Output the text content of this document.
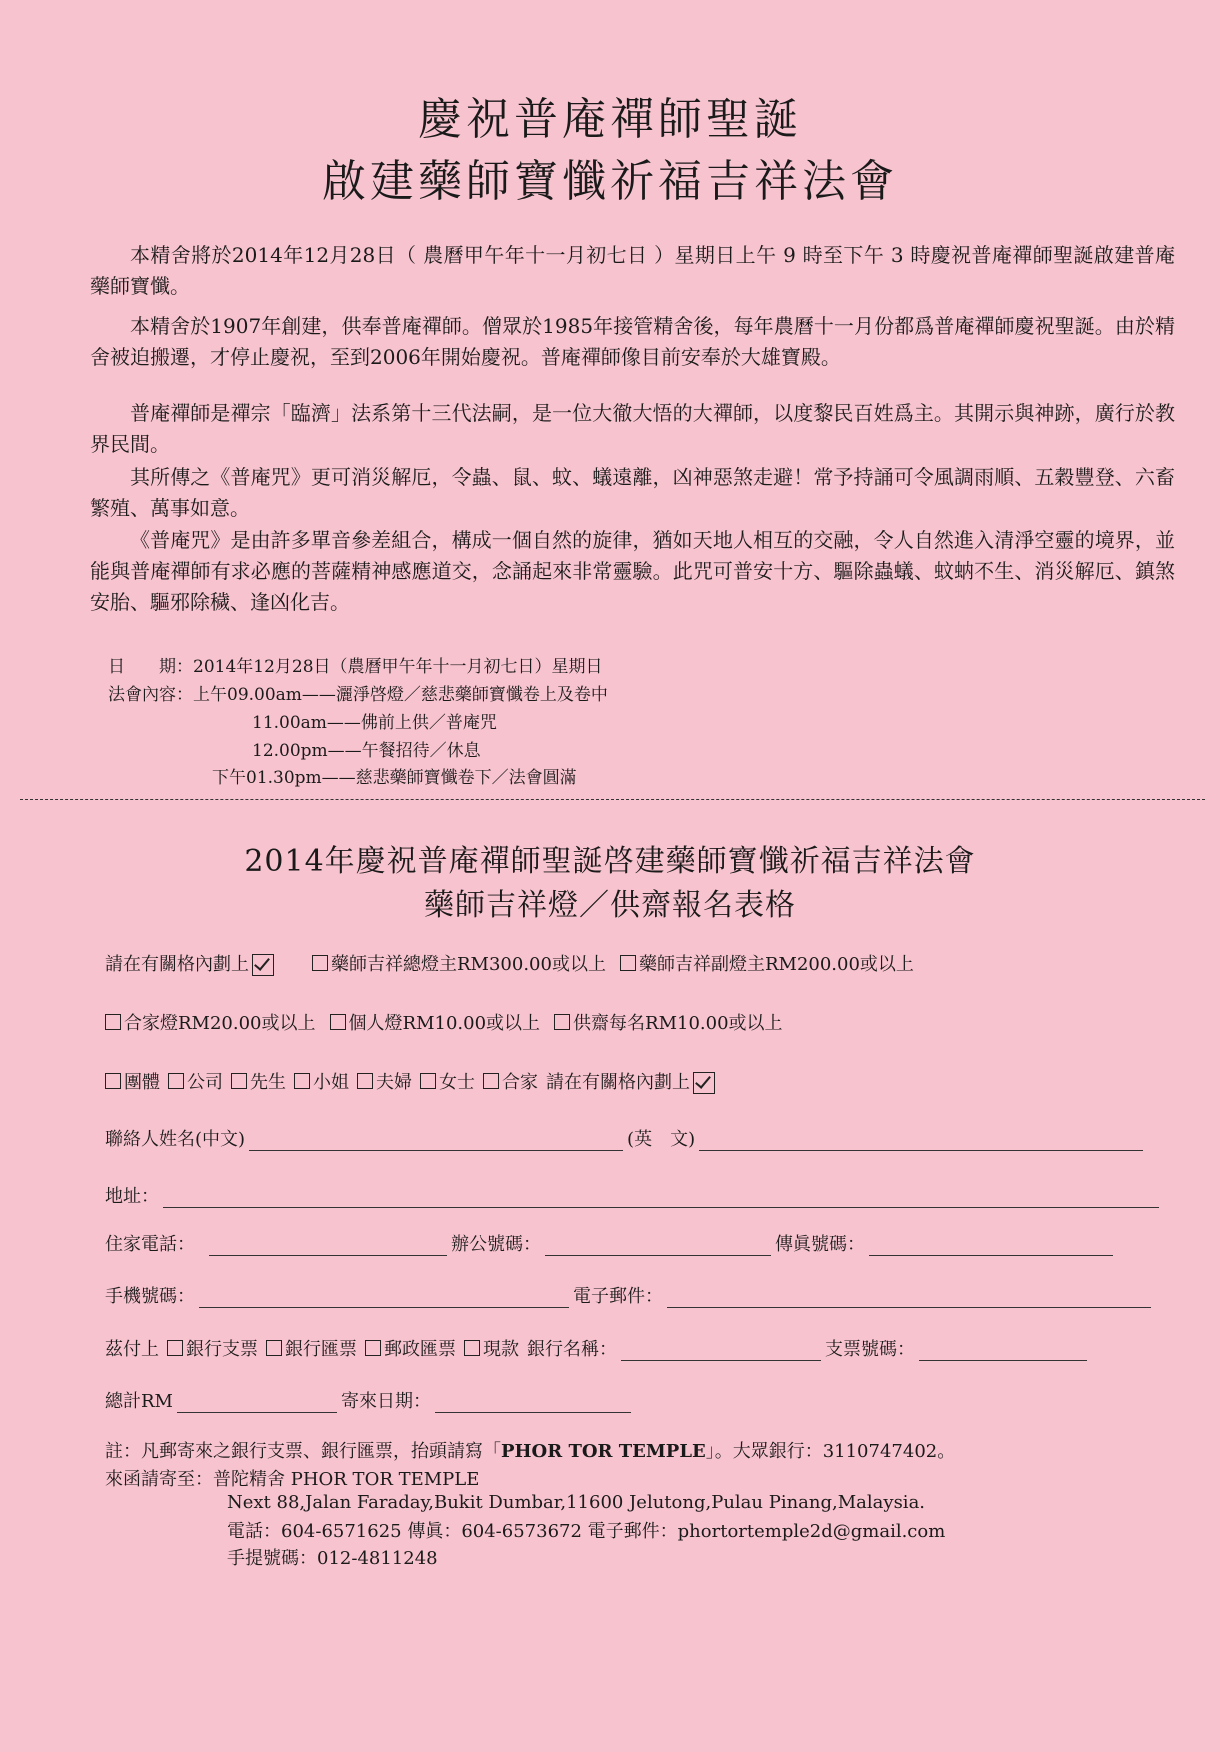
慶祝普庵禪師聖誕
啟建藥師寶懺祈福吉祥法會

本精舍將於2014年12月28日（ 農曆甲午年十一月初七日 ）星期日上午 9 時至下午 3 時慶祝普庵禪師聖誕啟建普庵藥師寶懺。

本精舍於1907年創建，供奉普庵禪師。僧眾於1985年接管精舍後，每年農曆十一月份都爲普庵禪師慶祝聖誕。由於精舍被迫搬遷，才停止慶祝，至到2006年開始慶祝。普庵禪師像目前安奉於大雄寶殿。

普庵禪師是禪宗「臨濟」法系第十三代法嗣，是一位大徹大悟的大禪師，以度黎民百姓爲主。其開示與神跡，廣行於教界民間。

其所傳之《普庵咒》更可消災解厄，令蟲、鼠、蚊、蟻遠離，凶神惡煞走避！常予持誦可令風調雨順、五穀豐登、六畜繁殖、萬事如意。

《普庵咒》是由許多單音參差組合，構成一個自然的旋律，猶如天地人相互的交融，令人自然進入清淨空靈的境界，並能與普庵禪師有求必應的菩薩精神感應道交，念誦起來非常靈驗。此咒可普安十方、驅除蟲蟻、蚊蚋不生、消災解厄、鎮煞安胎、驅邪除穢、逢凶化吉。

日　　期：2014年12月28日（農曆甲午年十一月初七日）星期日
法會內容：上午09.00am——灑淨啓燈／慈悲藥師寶懺卷上及卷中
11.00am——佛前上供／普庵咒
12.00pm——午餐招待／休息
下午01.30pm——慈悲藥師寶懺卷下／法會圓滿
2014年慶祝普庵禪師聖誕啓建藥師寶懺祈福吉祥法會
藥師吉祥燈／供齋報名表格
請在有關格內劃上	藥師吉祥總燈主RM300.00或以上	藥師吉祥副燈主RM200.00或以上
合家燈RM20.00或以上	個人燈RM10.00或以上	供齋每名RM10.00或以上
團體	公司	先生	小姐	夫婦	女士	合家 請在有關格內劃上
聯絡人姓名(中文)	(英　文)
地址：
住家電話：	辦公號碼：	傳眞號碼：
手機號碼：	電子郵件：
茲付上	銀行支票	銀行匯票	郵政匯票	現款 銀行名稱：	支票號碼：
總計RM	寄來日期：
註：凡郵寄來之銀行支票、銀行匯票，抬頭請寫「PHOR TOR TEMPLE」。大眾銀行：3110747402。
來函請寄至：普陀精舍 PHOR TOR TEMPLE
Next 88,Jalan Faraday,Bukit Dumbar,11600 Jelutong,Pulau Pinang,Malaysia.
電話：604-6571625 傳眞：604-6573672 電子郵件：phortortemple2d@gmail.com
手提號碼：012-4811248
